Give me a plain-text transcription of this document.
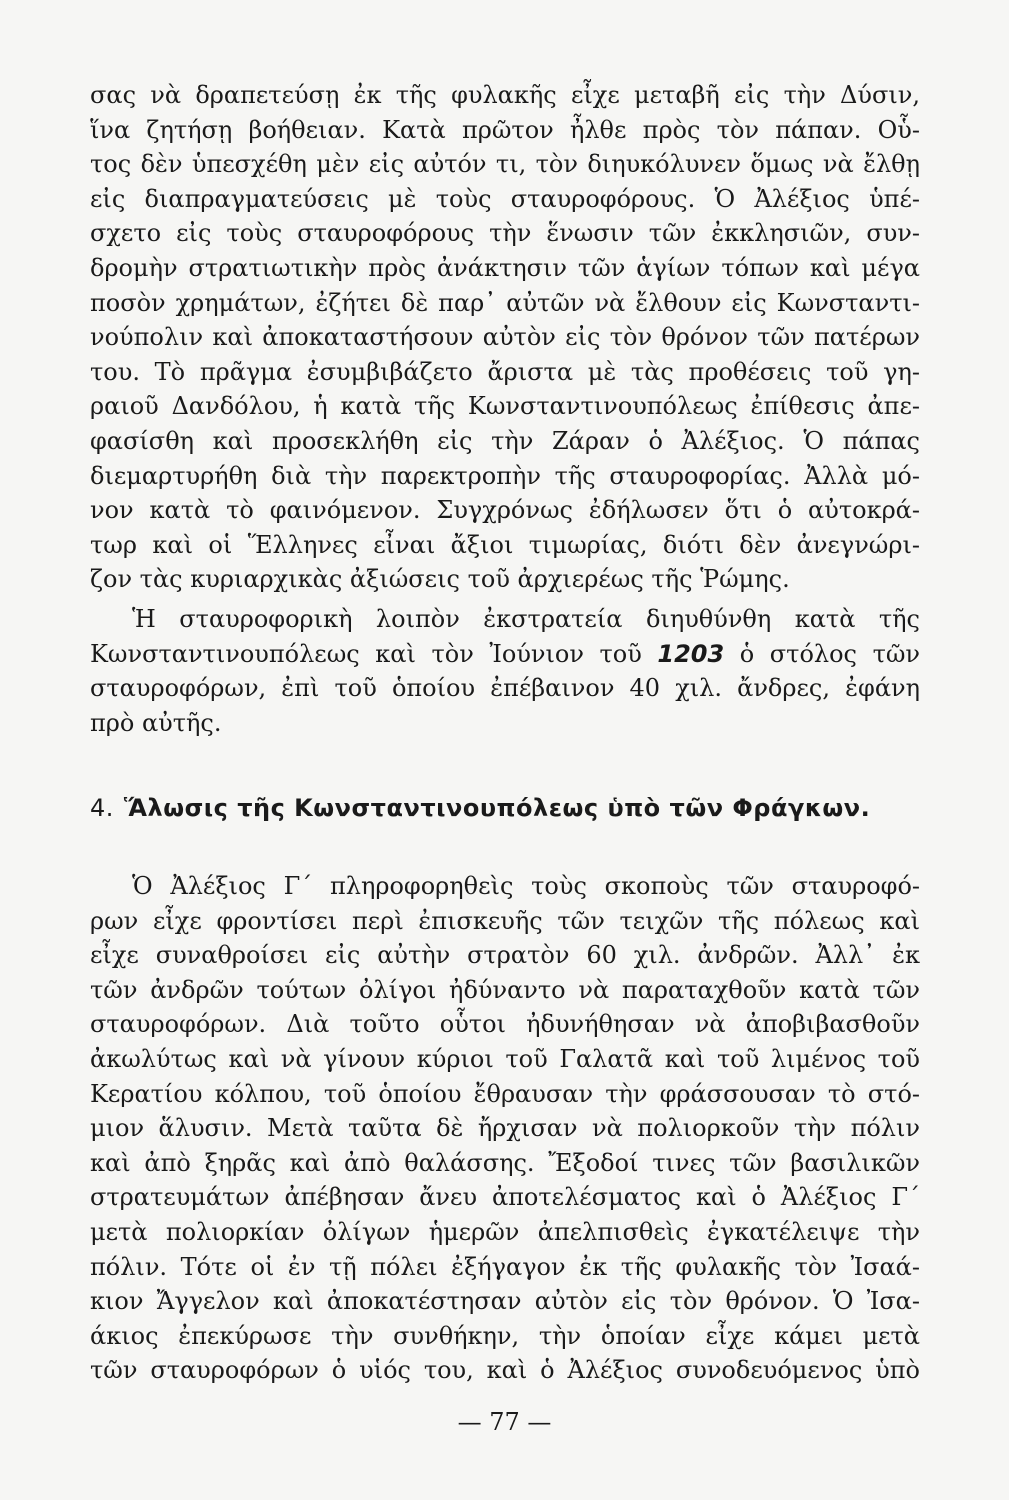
σας νὰ δραπετεύσῃ ἐκ τῆς φυλακῆς εἶχε μεταβῆ εἰς τὴν Δύσιν,
ἵνα ζητήσῃ βοήθειαν. Κατὰ πρῶτον ἦλθε πρὸς τὸν πάπαν. Οὗ-
τος δὲν ὑπεσχέθη μὲν εἰς αὐτόν τι, τὸν διηυκόλυνεν ὅμως νὰ ἔλθῃ
εἰς διαπραγματεύσεις μὲ τοὺς σταυροφόρους. Ὁ Ἀλέξιος ὑπέ-
σχετο εἰς τοὺς σταυροφόρους τὴν ἕνωσιν τῶν ἐκκλησιῶν, συν-
δρομὴν στρατιωτικὴν πρὸς ἀνάκτησιν τῶν ἁγίων τόπων καὶ μέγα
ποσὸν χρημάτων, ἐζήτει δὲ παρ᾽ αὐτῶν νὰ ἔλθουν εἰς Κωνσταντι-
νούπολιν καὶ ἀποκαταστήσουν αὐτὸν εἰς τὸν θρόνον τῶν πατέρων
του. Τὸ πρᾶγμα ἐσυμβιβάζετο ἄριστα μὲ τὰς προθέσεις τοῦ γη-
ραιοῦ Δανδόλου, ἡ κατὰ τῆς Κωνσταντινουπόλεως ἐπίθεσις ἀπε-
φασίσθη καὶ προσεκλήθη εἰς τὴν Ζάραν ὁ Ἀλέξιος. Ὁ πάπας
διεμαρτυρήθη διὰ τὴν παρεκτροπὴν τῆς σταυροφορίας. Ἀλλὰ μό-
νον κατὰ τὸ φαινόμενον. Συγχρόνως ἐδήλωσεν ὅτι ὁ αὐτοκρά-
τωρ καὶ οἱ Ἕλληνες εἶναι ἄξιοι τιμωρίας, διότι δὲν ἀνεγνώρι-
ζον τὰς κυριαρχικὰς ἀξιώσεις τοῦ ἀρχιερέως τῆς Ῥώμης.
Ἡ σταυροφορικὴ λοιπὸν ἐκστρατεία διηυθύνθη κατὰ τῆς
Κωνσταντινουπόλεως καὶ τὸν Ἰούνιον τοῦ 1203 ὁ στόλος τῶν
σταυροφόρων, ἐπὶ τοῦ ὁποίου ἐπέβαινον 40 χιλ. ἄνδρες, ἐφάνη
πρὸ αὐτῆς.
4. Ἅλωσις τῆς Κωνσταντινουπόλεως ὑπὸ τῶν Φράγκων.
Ὁ Ἀλέξιος Γ´ πληροφορηθεὶς τοὺς σκοποὺς τῶν σταυροφό-
ρων εἶχε φροντίσει περὶ ἐπισκευῆς τῶν τειχῶν τῆς πόλεως καὶ
εἶχε συναθροίσει εἰς αὐτὴν στρατὸν 60 χιλ. ἀνδρῶν. Ἀλλ᾽ ἐκ
τῶν ἀνδρῶν τούτων ὀλίγοι ἠδύναντο νὰ παραταχθοῦν κατὰ τῶν
σταυροφόρων. Διὰ τοῦτο οὗτοι ἠδυνήθησαν νὰ ἀποβιβασθοῦν
ἀκωλύτως καὶ νὰ γίνουν κύριοι τοῦ Γαλατᾶ καὶ τοῦ λιμένος τοῦ
Κερατίου κόλπου, τοῦ ὁποίου ἔθραυσαν τὴν φράσσουσαν τὸ στό-
μιον ἅλυσιν. Μετὰ ταῦτα δὲ ἤρχισαν νὰ πολιορκοῦν τὴν πόλιν
καὶ ἀπὸ ξηρᾶς καὶ ἀπὸ θαλάσσης. Ἔξοδοί τινες τῶν βασιλικῶν
στρατευμάτων ἀπέβησαν ἄνευ ἀποτελέσματος καὶ ὁ Ἀλέξιος Γ´
μετὰ πολιορκίαν ὀλίγων ἡμερῶν ἀπελπισθεὶς ἐγκατέλειψε τὴν
πόλιν. Τότε οἱ ἐν τῇ πόλει ἐξήγαγον ἐκ τῆς φυλακῆς τὸν Ἰσαά-
κιον Ἄγγελον καὶ ἀποκατέστησαν αὐτὸν εἰς τὸν θρόνον. Ὁ Ἰσα-
άκιος ἐπεκύρωσε τὴν συνθήκην, τὴν ὁποίαν εἶχε κάμει μετὰ
τῶν σταυροφόρων ὁ υἱός του, καὶ ὁ Ἀλέξιος συνοδευόμενος ὑπὸ
— 77 —
